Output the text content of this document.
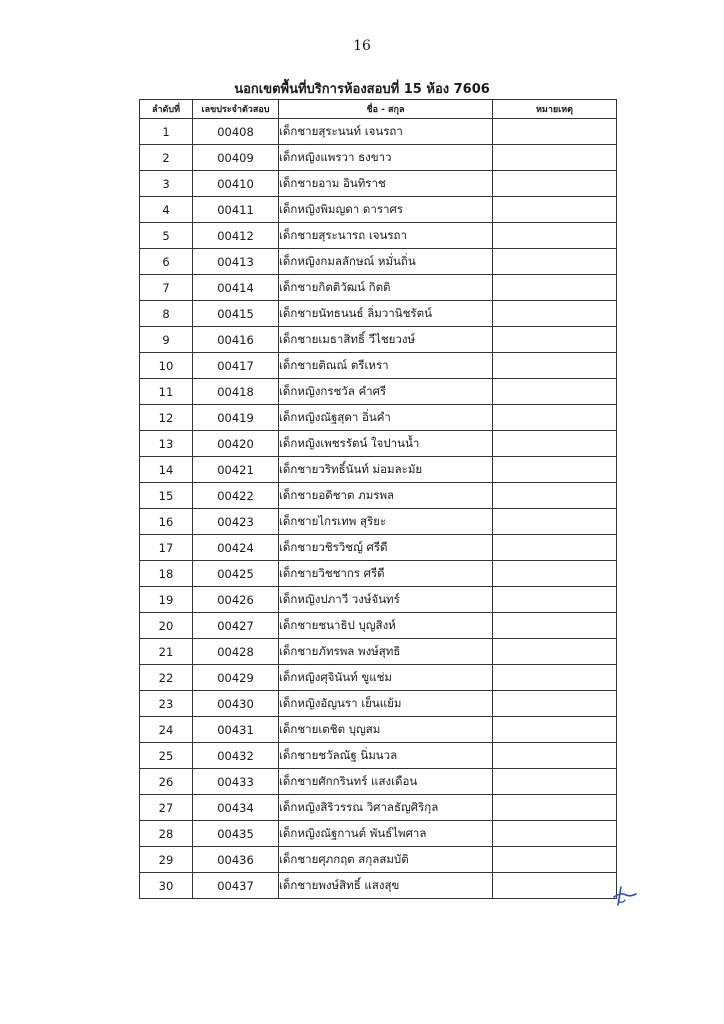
16
นอกเขตพื้นที่บริการห้องสอบที่ 15 ห้อง 7606
ลำดับที่	เลขประจำตัวสอบ	ชื่อ - สกุล	หมายเหตุ
1	00408	เด็กชายสุระนนท์ เจนรถา	
2	00409	เด็กหญิงแพรวา ธงขาว	
3	00410	เด็กชายอาม อินทิราช	
4	00411	เด็กหญิงพิมญดา ดาราศร	
5	00412	เด็กชายสุระนารถ เจนรถา	
6	00413	เด็กหญิงกมลลักษณ์ หมั่นถิ่น	
7	00414	เด็กชายกิตติวัฒน์ กิตติ	
8	00415	เด็กชายนัทธนนธ์ ลิ่มวานิชรัตน์	
9	00416	เด็กชายเมธาสิทธิ์ วีไชยวงษ์	
10	00417	เด็กชายติณณ์ ตรีเหรา	
11	00418	เด็กหญิงกรชวัล คำศรี	
12	00419	เด็กหญิงณัฐสุดา อิ่นคำ	
13	00420	เด็กหญิงเพชรรัตน์ ใจปานน้ำ	
14	00421	เด็กชายวริทธิ์นันท์ ม่อมละมัย	
15	00422	เด็กชายอดิชาต ภมรพล	
16	00423	เด็กชายไกรเทพ สุริยะ	
17	00424	เด็กชายวชิรวิชญ์ ศรีดี	
18	00425	เด็กชายวิชชากร ศรีดี	
19	00426	เด็กหญิงปภาวี วงษ์จันทร์	
20	00427	เด็กชายชนาธิป บุญสิงห์	
21	00428	เด็กชายภัทรพล พงษ์สุทธิ	
22	00429	เด็กหญิงศุจินันท์ ขูแช่ม	
23	00430	เด็กหญิงอัญนรา เย็นแย้ม	
24	00431	เด็กชายเตชิต บุญสม	
25	00432	เด็กชายชวัลณัฐ นิ่มนวล	
26	00433	เด็กชายศักกรินทร์ แสงเดือน	
27	00434	เด็กหญิงสิริวรรณ วิศาลธัญศิริกุล	
28	00435	เด็กหญิงณัฐกานต์ พันธ์ไพศาล	
29	00436	เด็กชายศุภกฤต สกุลสมบัติ	
30	00437	เด็กชายพงษ์สิทธิ์ แสงสุข	
